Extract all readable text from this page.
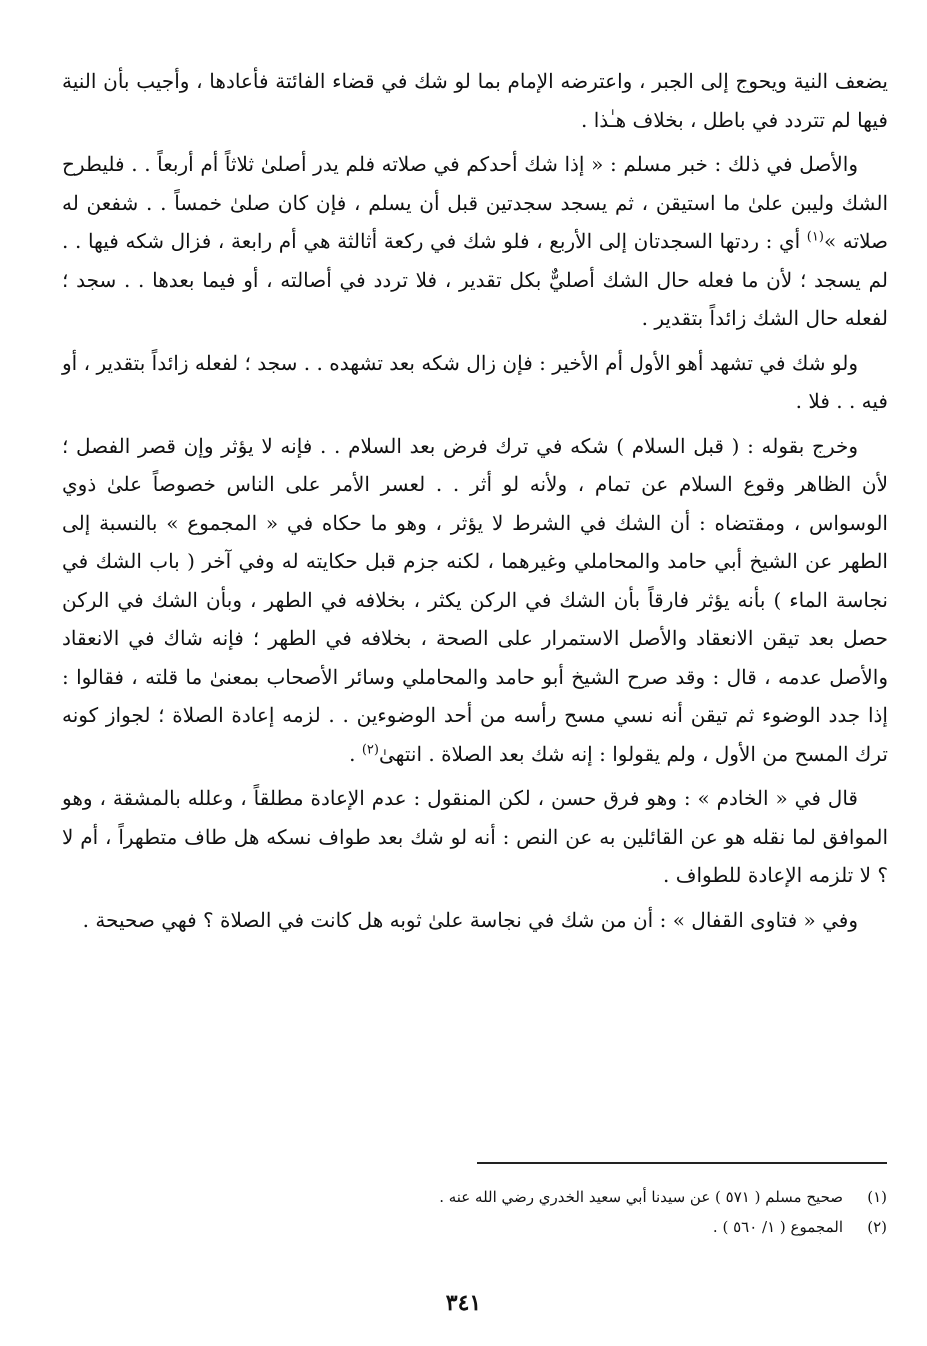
يضعف النية ويحوج إلى الجبر ، واعترضه الإمام بما لو شك في قضاء الفائتة فأعادها ، وأجيب بأن النية فيها لم تتردد في باطل ، بخلاف هـٰذا .

والأصل في ذلك : خبر مسلم : « إذا شك أحدكم في صلاته فلم يدر أصلىٰ ثلاثاً أم أربعاً . . فليطرح الشك وليبن علىٰ ما استيقن ، ثم يسجد سجدتين قبل أن يسلم ، فإن كان صلىٰ خمساً . . شفعن له صلاته »$^{(١)}$ أي : ردتها السجدتان إلى الأربع ، فلو شك في ركعة أثالثة هي أم رابعة ، فزال شكه فيها . . لم يسجد ؛ لأن ما فعله حال الشك أصليٌّ بكل تقدير ، فلا تردد في أصالته ، أو فيما بعدها . . سجد ؛ لفعله حال الشك زائداً بتقدير .

ولو شك في تشهد أهو الأول أم الأخير : فإن زال شكه بعد تشهده . . سجد ؛ لفعله زائداً بتقدير ، أو فيه . . فلا .

وخرج بقوله : ( قبل السلام ) شكه في ترك فرض بعد السلام . . فإنه لا يؤثر وإن قصر الفصل ؛ لأن الظاهر وقوع السلام عن تمام ، ولأنه لو أثر . . لعسر الأمر على الناس خصوصاً علىٰ ذوي الوسواس ، ومقتضاه : أن الشك في الشرط لا يؤثر ، وهو ما حكاه في « المجموع » بالنسبة إلى الطهر عن الشيخ أبي حامد والمحاملي وغيرهما ، لكنه جزم قبل حكايته له وفي آخر ( باب الشك في نجاسة الماء ) بأنه يؤثر فارقاً بأن الشك في الركن يكثر ، بخلافه في الطهر ، وبأن الشك في الركن حصل بعد تيقن الانعقاد والأصل الاستمرار على الصحة ، بخلافه في الطهر ؛ فإنه شاك في الانعقاد والأصل عدمه ، قال : وقد صرح الشيخ أبو حامد والمحاملي وسائر الأصحاب بمعنىٰ ما قلته ، فقالوا : إذا جدد الوضوء ثم تيقن أنه نسي مسح رأسه من أحد الوضوءين . . لزمه إعادة الصلاة ؛ لجواز كونه ترك المسح من الأول ، ولم يقولوا : إنه شك بعد الصلاة . انتهىٰ$^{(٢)}$ .

قال في « الخادم » : وهو فرق حسن ، لكن المنقول : عدم الإعادة مطلقاً ، وعلله بالمشقة ، وهو الموافق لما نقله هو عن القائلين به عن النص : أنه لو شك بعد طواف نسكه هل طاف متطهراً ، أم لا ؟ لا تلزمه الإعادة للطواف .

وفي « فتاوى القفال » : أن من شك في نجاسة علىٰ ثوبه هل كانت في الصلاة ؟ فهي صحيحة .

(١)
صحيح مسلم ( ٥٧١ ) عن سيدنا أبي سعيد الخدري رضي الله عنه .
(٢)
المجموع ( ١/ ٥٦٠ ) .
٣٤١
